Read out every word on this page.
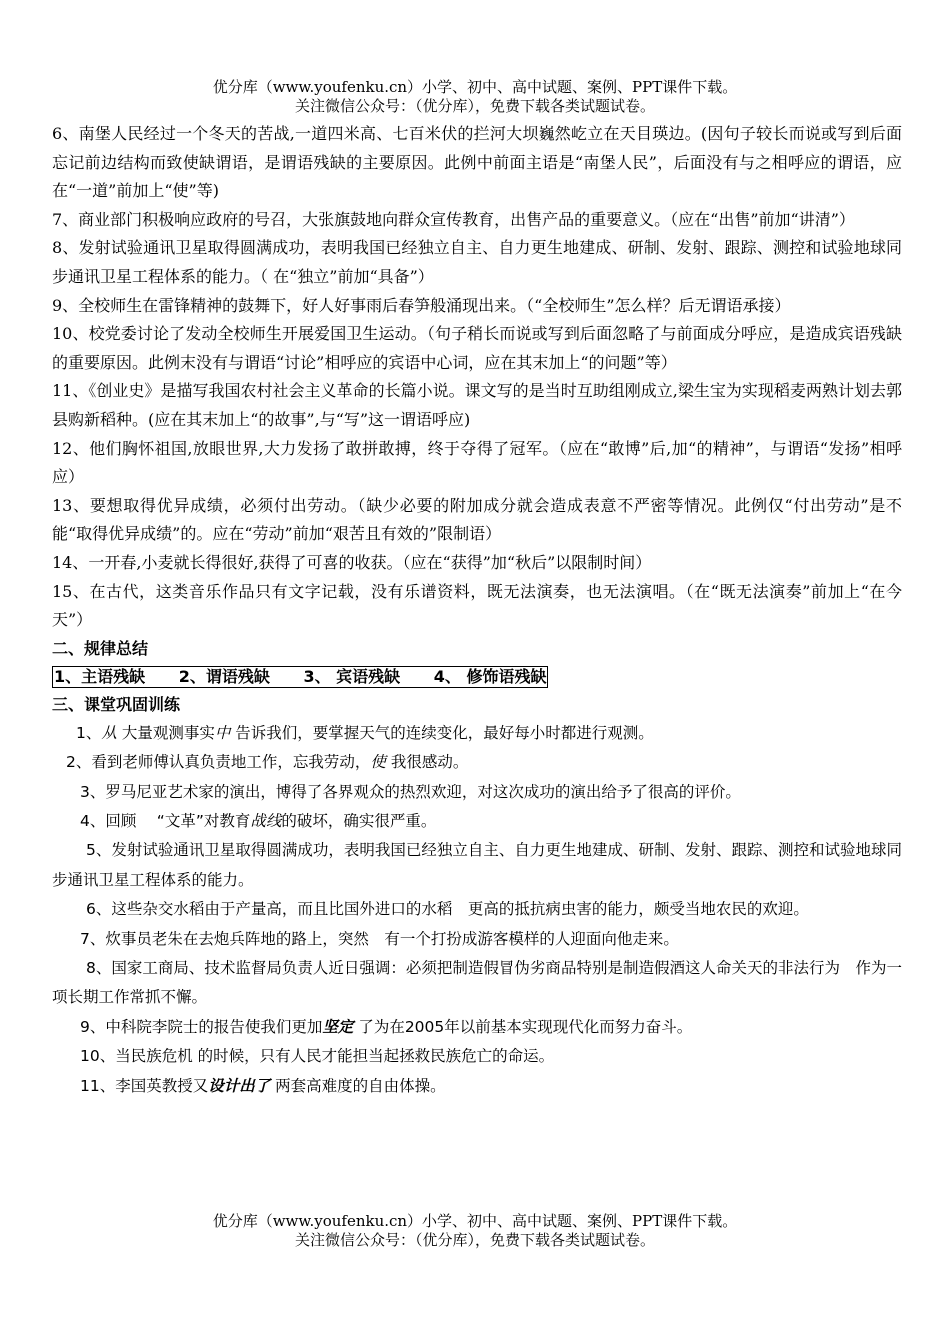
优分库（www.youfenku.cn）小学、初中、高中试题、案例、PPT课件下载。
关注微信公众号：（优分库），免费下载各类试题试卷。

6、南堡人民经过一个冬天的苦战,一道四米高、七百米伏的拦河大坝巍然屹立在天目瑛边。(因句子较长而说或写到后面忘记前边结构而致使缺谓语，是谓语残缺的主要原因。此例中前面主语是“南堡人民”，后面没有与之相呼应的谓语，应在“一道”前加上“使”等)

7、商业部门积极响应政府的号召，大张旗鼓地向群众宣传教育，出售产品的重要意义。（应在“出售”前加“讲清”）

8、发射试验通讯卫星取得圆满成功，表明我国已经独立自主、自力更生地建成、研制、发射、跟踪、测控和试验地球同步通讯卫星工程体系的能力。（ 在“独立”前加“具备”）

9、全校师生在雷锋精神的鼓舞下，好人好事雨后春笋般涌现出来。（“全校师生”怎么样？后无谓语承接）

10、校党委讨论了发动全校师生开展爱国卫生运动。（句子稍长而说或写到后面忽略了与前面成分呼应，是造成宾语残缺的重要原因。此例末没有与谓语“讨论”相呼应的宾语中心词，应在其末加上“的问题”等）

11、《创业史》是描写我国农村社会主义革命的长篇小说。课文写的是当时互助组刚成立,梁生宝为实现稻麦两熟计划去郭县购新稻种。(应在其末加上“的故事”,与“写”这一谓语呼应)

12、他们胸怀祖国,放眼世界,大力发扬了敢拼敢搏，终于夺得了冠军。（应在“敢博”后,加“的精神”，与谓语“发扬”相呼应）

13、要想取得优异成绩，必须付出劳动。（缺少必要的附加成分就会造成表意不严密等情况。此例仅“付出劳动”是不能“取得优异成绩”的。应在“劳动”前加“艰苦且有效的”限制语）

14、一开春,小麦就长得很好,获得了可喜的收获。（应在“获得”加“秋后”以限制时间）

15、在古代，这类音乐作品只有文字记载，没有乐谱资料，既无法演奏，也无法演唱。（在“既无法演奏”前加上“在今天”）

二、规律总结
1、主语残缺 2、谓语残缺 3、 宾语残缺 4、 修饰语残缺
三、课堂巩固训练

1、从 大量观测事实中 告诉我们，要掌握天气的连续变化，最好每小时都进行观测。

2、看到老师傅认真负责地工作，忘我劳动，使 我很感动。

3、罗马尼亚艺术家的演出，博得了各界观众的热烈欢迎，对这次成功的演出给予了很高的评价。

4、回顾　 “文革”对教育战线的破坏，确实很严重。

5、发射试验通讯卫星取得圆满成功，表明我国已经独立自主、自力更生地建成、研制、发射、跟踪、测控和试验地球同步通讯卫星工程体系的能力。

6、这些杂交水稻由于产量高，而且比国外进口的水稻　更高的抵抗病虫害的能力，颇受当地农民的欢迎。

7、炊事员老朱在去炮兵阵地的路上，突然　有一个打扮成游客模样的人迎面向他走来。

8、国家工商局、技术监督局负责人近日强调：必须把制造假冒伪劣商品特别是制造假酒这人命关天的非法行为　作为一项长期工作常抓不懈。

9、中科院李院士的报告使我们更加坚定 了为在2005年以前基本实现现代化而努力奋斗。

10、当民族危机 的时候，只有人民才能担当起拯救民族危亡的命运。

11、李国英教授又设计出了 两套高难度的自由体操。

优分库（www.youfenku.cn）小学、初中、高中试题、案例、PPT课件下载。
关注微信公众号：（优分库），免费下载各类试题试卷。
